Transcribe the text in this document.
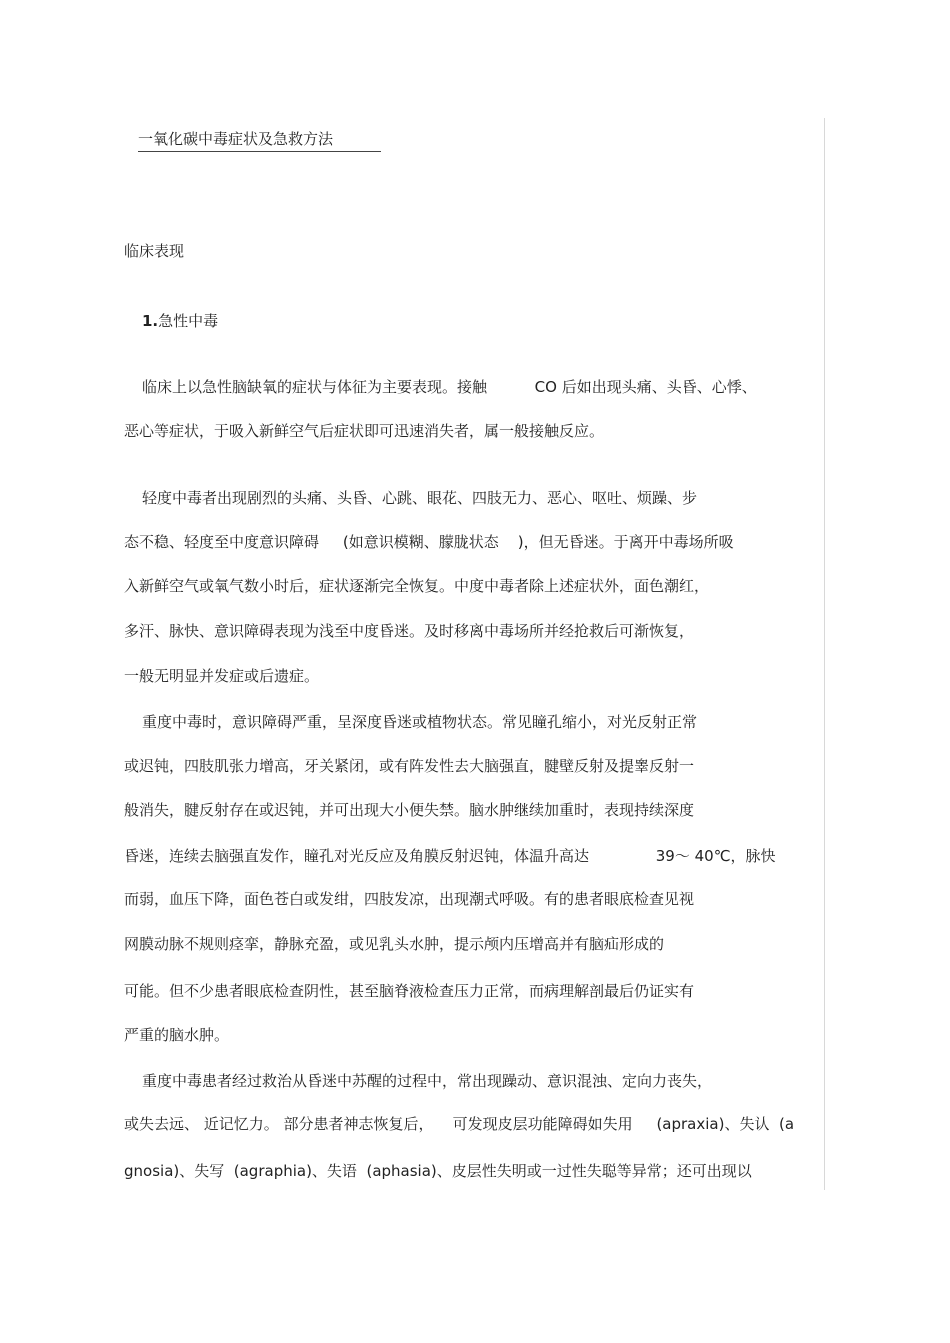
一氧化碳中毒症状及急救方法
临床表现
1.急性中毒
临床上以急性脑缺氧的症状与体征为主要表现。接触          CO 后如出现头痛、头昏、心悸、
恶心等症状，于吸入新鲜空气后症状即可迅速消失者，属一般接触反应。
轻度中毒者出现剧烈的头痛、头昏、心跳、眼花、四肢无力、恶心、呕吐、烦躁、步
态不稳、轻度至中度意识障碍     (如意识模糊、朦胧状态    )，但无昏迷。于离开中毒场所吸
入新鲜空气或氧气数小时后，症状逐渐完全恢复。中度中毒者除上述症状外，面色潮红，
多汗、脉快、意识障碍表现为浅至中度昏迷。及时移离中毒场所并经抢救后可渐恢复，
一般无明显并发症或后遗症。
重度中毒时，意识障碍严重，呈深度昏迷或植物状态。常见瞳孔缩小，对光反射正常
或迟钝，四肢肌张力增高，牙关紧闭，或有阵发性去大脑强直，腱壁反射及提睾反射一
般消失，腱反射存在或迟钝，并可出现大小便失禁。脑水肿继续加重时，表现持续深度
昏迷，连续去脑强直发作，瞳孔对光反应及角膜反射迟钝，体温升高达              39～ 40℃，脉快
而弱，血压下降，面色苍白或发绀，四肢发凉，出现潮式呼吸。有的患者眼底检查见视
网膜动脉不规则痉挛，静脉充盈，或见乳头水肿，提示颅内压增高并有脑疝形成的
可能。但不少患者眼底检查阴性，甚至脑脊液检查压力正常，而病理解剖最后仍证实有
严重的脑水肿。
重度中毒患者经过救治从昏迷中苏醒的过程中，常出现躁动、意识混浊、定向力丧失，
或失去远、 近记忆力。 部分患者神志恢复后，    可发现皮层功能障碍如失用     (apraxia)、失认  (a
gnosia)、失写  (agraphia)、失语  (aphasia)、皮层性失明或一过性失聪等异常；还可出现以
